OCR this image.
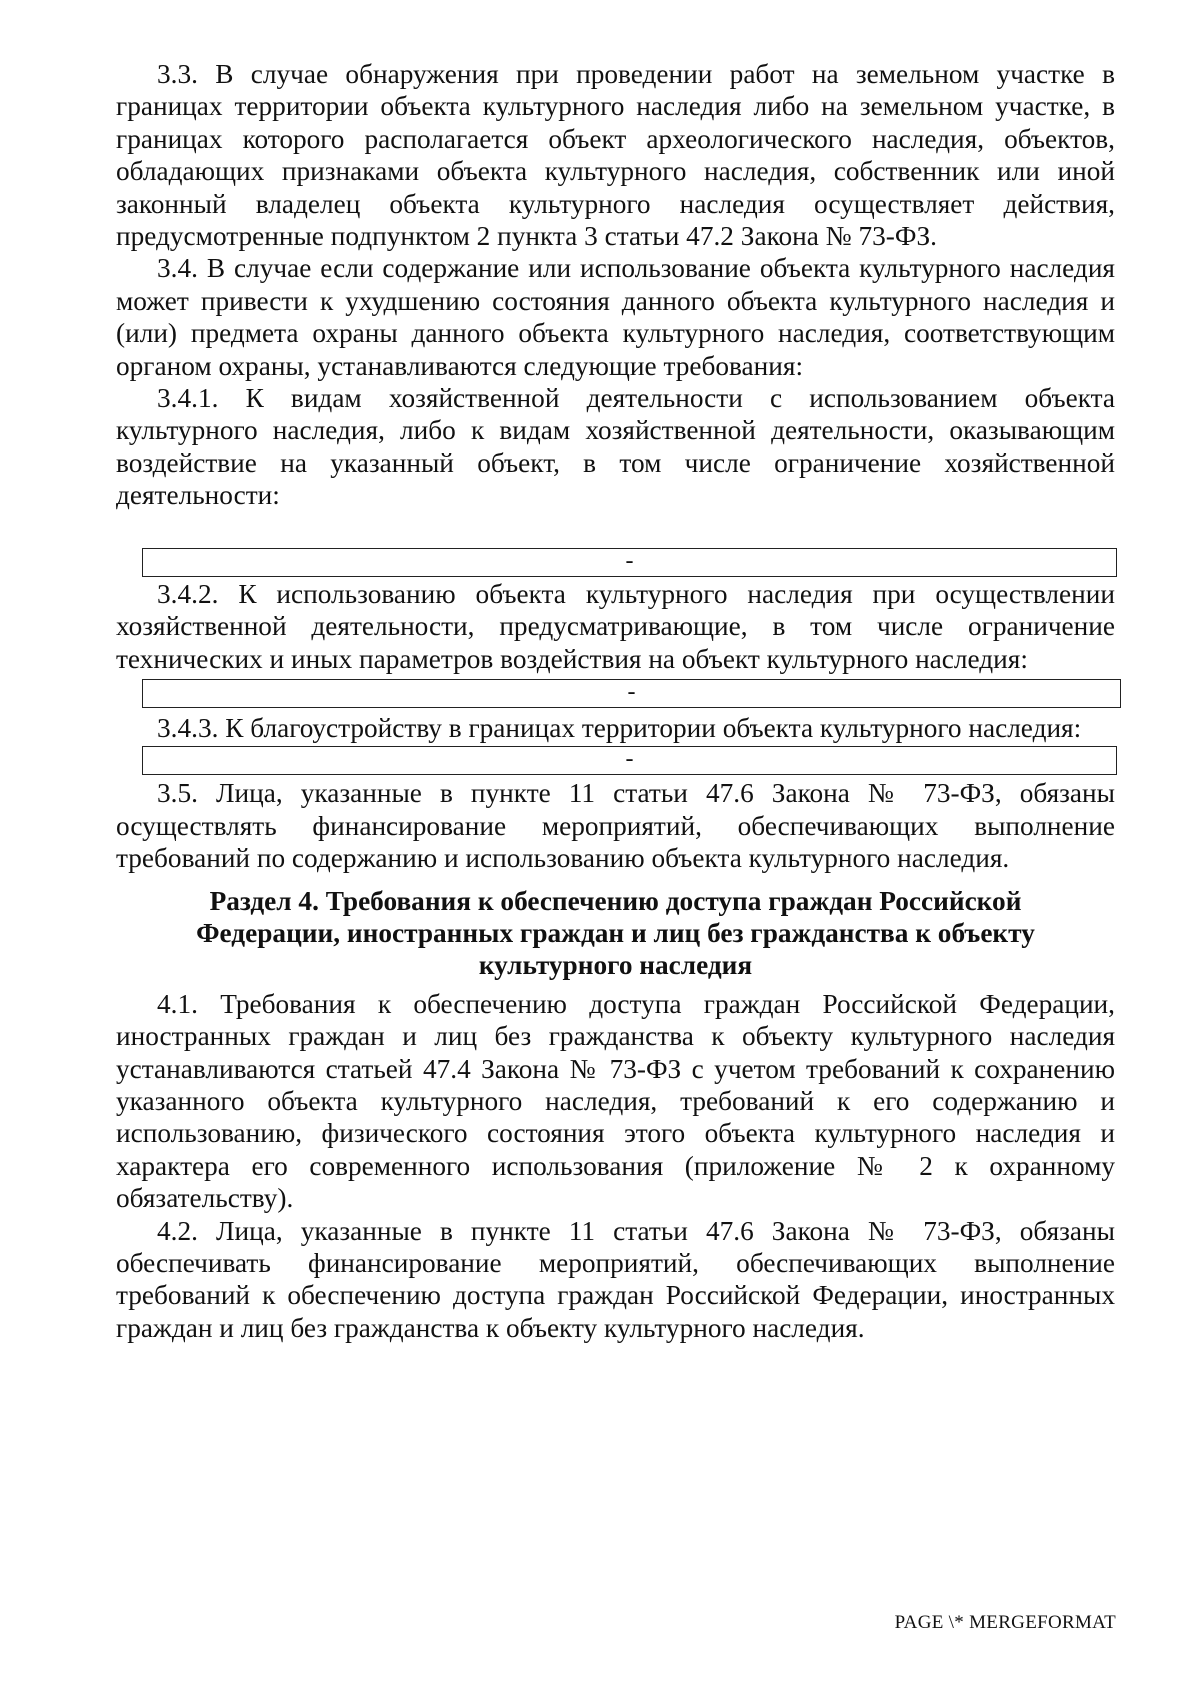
3.3. В случае обнаружения при проведении работ на земельном участке в границах территории объекта культурного наследия либо на земельном участке, в границах которого располагается объект археологического наследия, объектов, обладающих признаками объекта культурного наследия, собственник или иной законный владелец объекта культурного наследия осуществляет действия, предусмотренные подпунктом 2 пункта 3 статьи 47.2 Закона № 73-ФЗ.

3.4. В случае если содержание или использование объекта культурного наследия может привести к ухудшению состояния данного объекта культурного наследия и (или) предмета охраны данного объекта культурного наследия, соответствующим органом охраны, устанавливаются следующие требования:

3.4.1. К видам хозяйственной деятельности с использованием объекта культурного наследия, либо к видам хозяйственной деятельности, оказывающим воздействие на указанный объект, в том числе ограничение хозяйственной деятельности:

-

3.4.2. К использованию объекта культурного наследия при осуществлении хозяйственной деятельности, предусматривающие, в том числе ограничение технических и иных параметров воздействия на объект культурного наследия:

-

3.4.3. К благоустройству в границах территории объекта культурного наследия:

-

3.5. Лица, указанные в пункте 11 статьи 47.6 Закона № 73-ФЗ, обязаны осуществлять финансирование мероприятий, обеспечивающих выполнение требований по содержанию и использованию объекта культурного наследия.

Раздел 4. Требования к обеспечению доступа граждан Российской Федерации, иностранных граждан и лиц без гражданства к объекту культурного наследия

4.1. Требования к обеспечению доступа граждан Российской Федерации, иностранных граждан и лиц без гражданства к объекту культурного наследия устанавливаются статьей 47.4 Закона № 73-ФЗ с учетом требований к сохранению указанного объекта культурного наследия, требований к его содержанию и использованию, физического состояния этого объекта культурного наследия и характера его современного использования (приложение № 2 к охранному обязательству).

4.2. Лица, указанные в пункте 11 статьи 47.6 Закона № 73-ФЗ, обязаны обеспечивать финансирование мероприятий, обеспечивающих выполнение требований к обеспечению доступа граждан Российской Федерации, иностранных граждан и лиц без гражданства к объекту культурного наследия.

PAGE \* MERGEFORMAT
